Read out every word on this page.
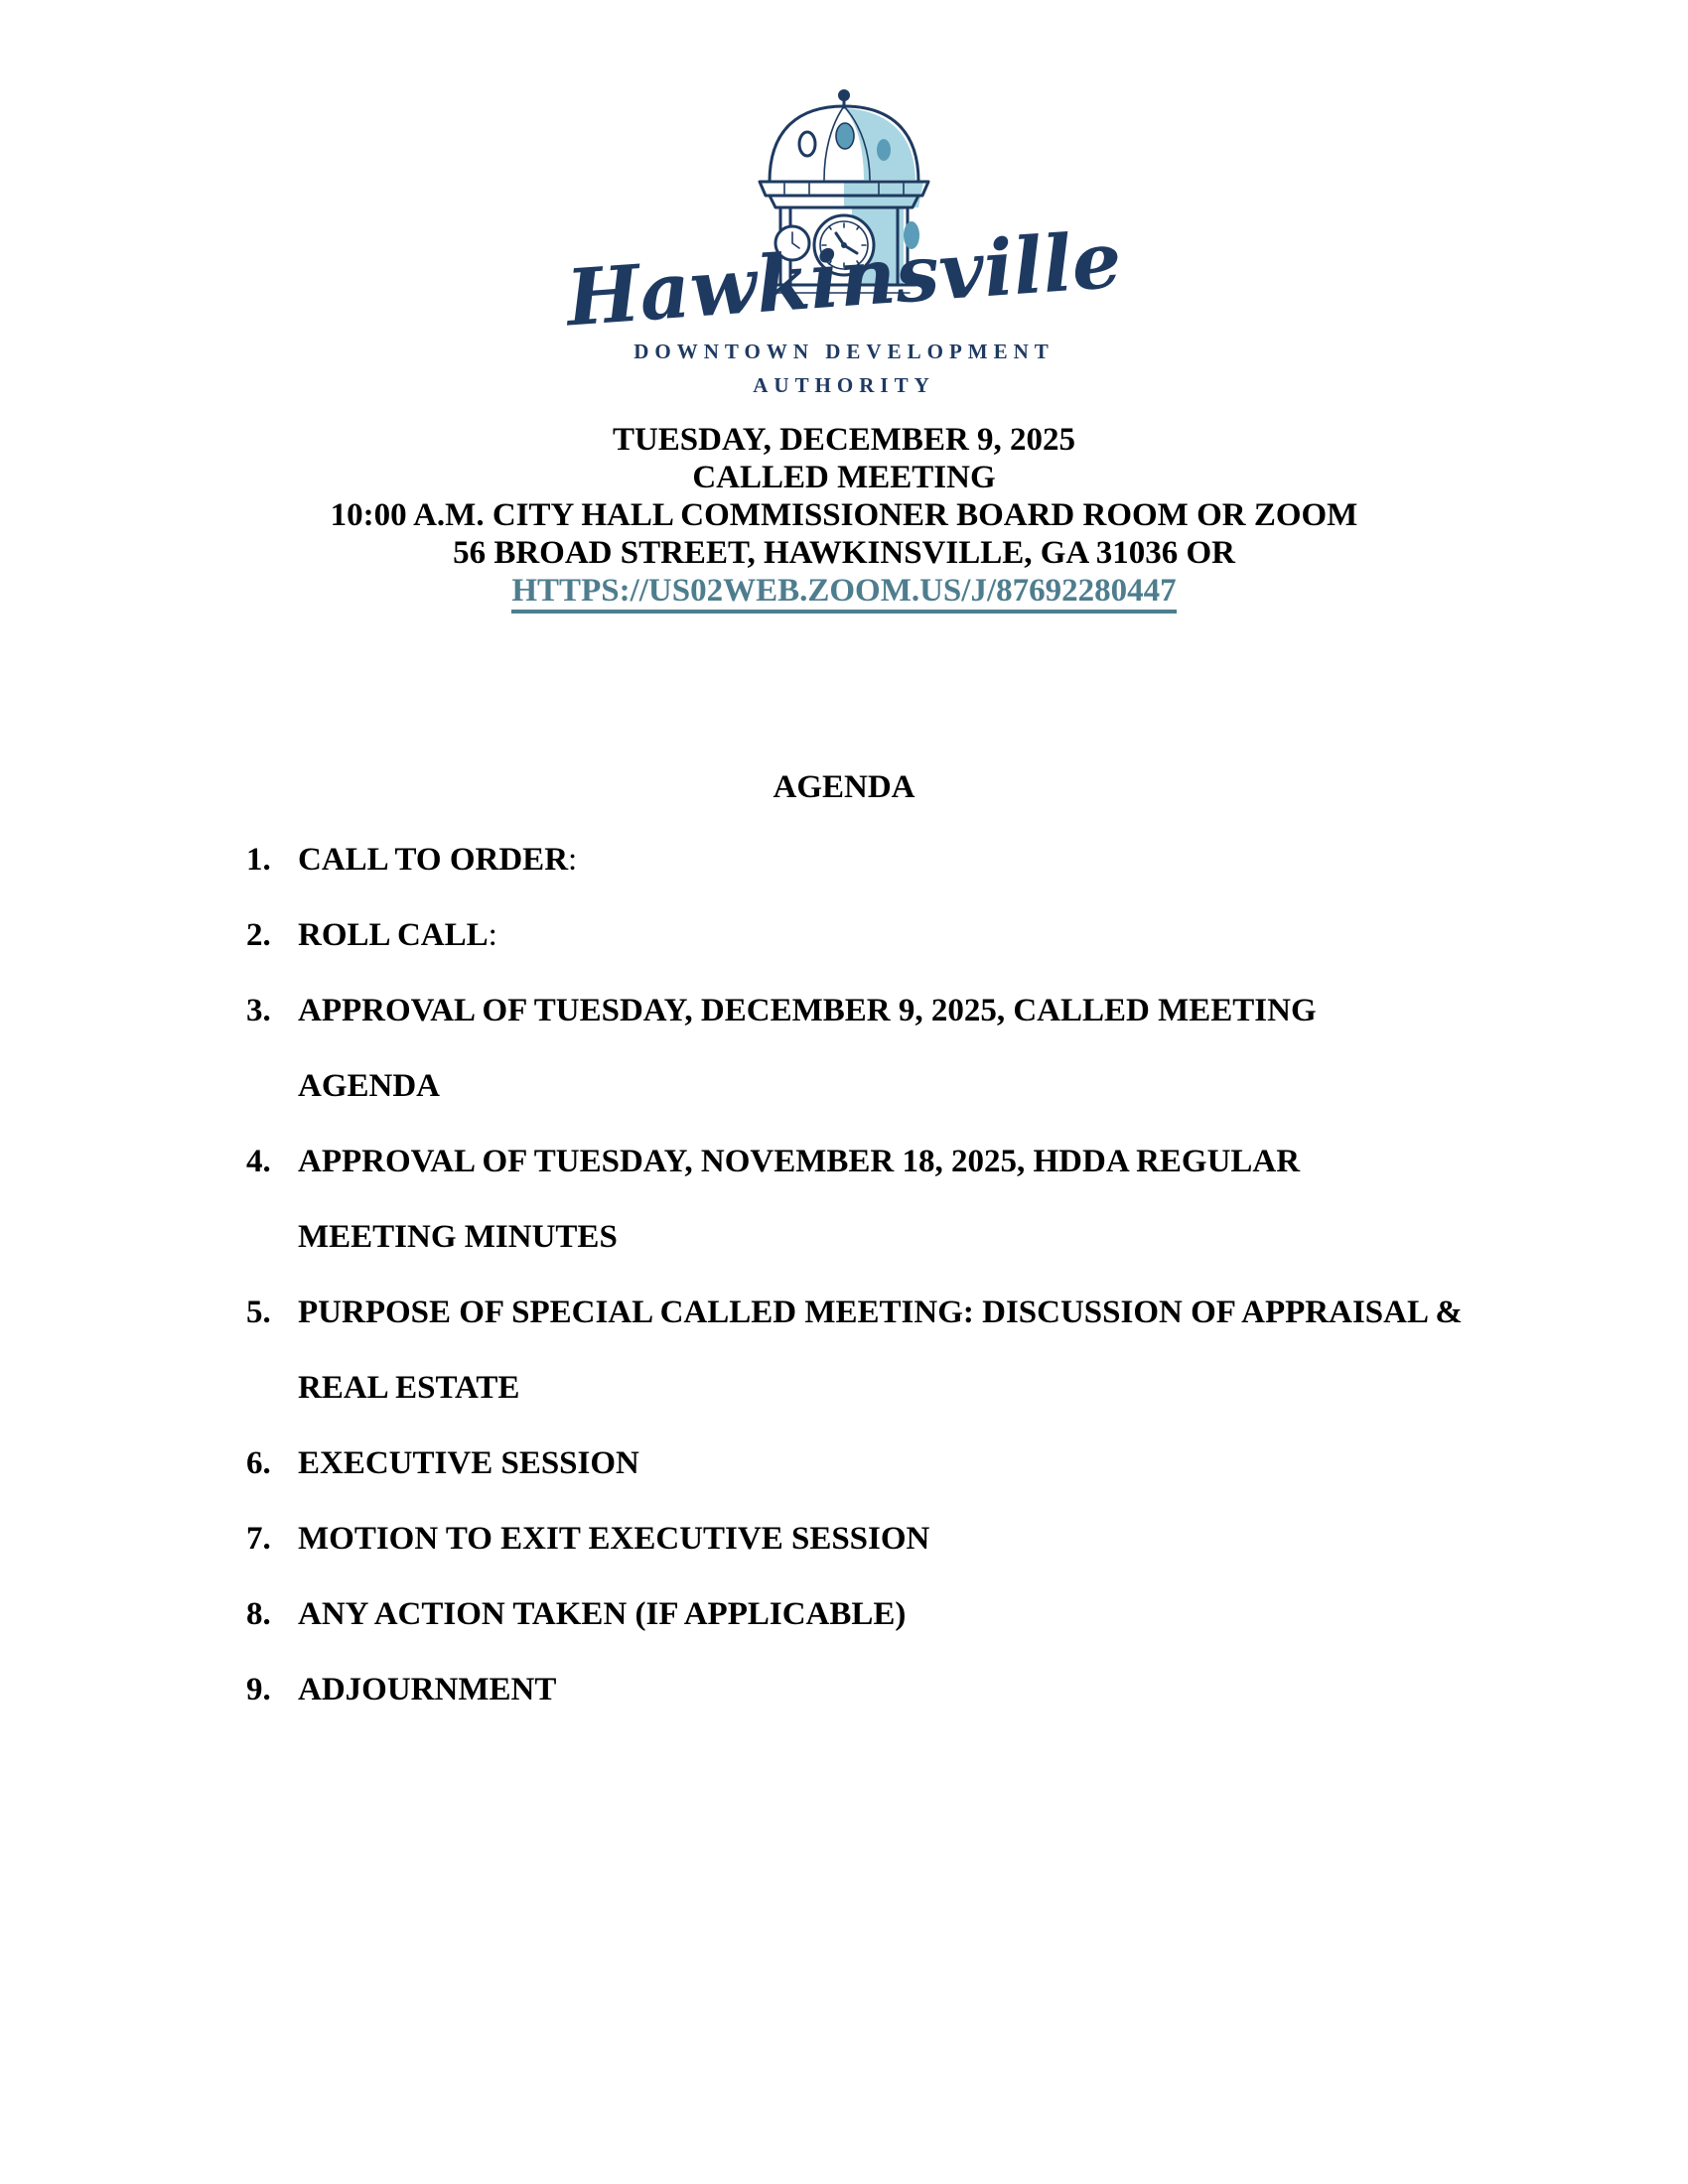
Hawkinsville
DOWNTOWN DEVELOPMENT
AUTHORITY
TUESDAY, DECEMBER 9, 2025
CALLED MEETING
10:00 A.M. CITY HALL COMMISSIONER BOARD ROOM OR ZOOM
56 BROAD STREET, HAWKINSVILLE, GA 31036 OR
HTTPS://US02WEB.ZOOM.US/J/87692280447
AGENDA
1. CALL TO ORDER:
2. ROLL CALL:
3. APPROVAL OF TUESDAY, DECEMBER 9, 2025, CALLED MEETING
AGENDA
4. APPROVAL OF TUESDAY, NOVEMBER 18, 2025, HDDA REGULAR
MEETING MINUTES
5. PURPOSE OF SPECIAL CALLED MEETING: DISCUSSION OF APPRAISAL &
REAL ESTATE
6. EXECUTIVE SESSION
7. MOTION TO EXIT EXECUTIVE SESSION
8. ANY ACTION TAKEN (IF APPLICABLE)
9. ADJOURNMENT
